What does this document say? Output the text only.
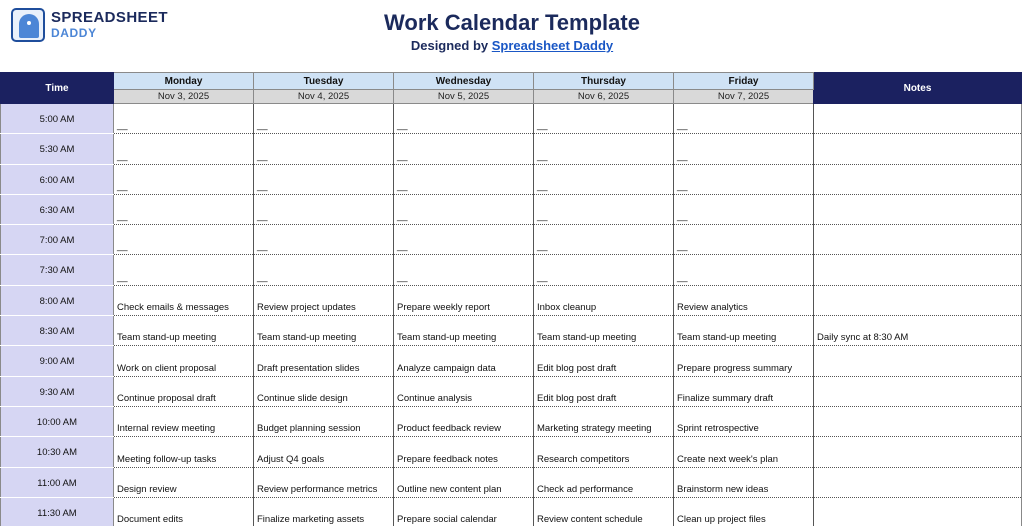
SPREADSHEET
DADDY	Work Calendar Template
Designed by Spreadsheet Daddy
Time	Monday	Tuesday	Wednesday	Thursday	Friday	Notes
	Nov 3, 2025	Nov 4, 2025	Nov 5, 2025	Nov 6, 2025	Nov 7, 2025	
5:00 AM	__	__	__	__	__	
5:30 AM	__	__	__	__	__	
6:00 AM	__	__	__	__	__	
6:30 AM	__	__	__	__	__	
7:00 AM	__	__	__	__	__	
7:30 AM	__	__	__	__	__	
8:00 AM	Check emails & messages	Review project updates	Prepare weekly report	Inbox cleanup	Review analytics	
8:30 AM	Team stand-up meeting	Team stand-up meeting	Team stand-up meeting	Team stand-up meeting	Team stand-up meeting	Daily sync at 8:30 AM
9:00 AM	Work on client proposal	Draft presentation slides	Analyze campaign data	Edit blog post draft	Prepare progress summary	
9:30 AM	Continue proposal draft	Continue slide design	Continue analysis	Edit blog post draft	Finalize summary draft	
10:00 AM	Internal review meeting	Budget planning session	Product feedback review	Marketing strategy meeting	Sprint retrospective	
10:30 AM	Meeting follow-up tasks	Adjust Q4 goals	Prepare feedback notes	Research competitors	Create next week's plan	
11:00 AM	Design review	Review performance metrics	Outline new content plan	Check ad performance	Brainstorm new ideas	
11:30 AM	Document edits	Finalize marketing assets	Prepare social calendar	Review content schedule	Clean up project files	
